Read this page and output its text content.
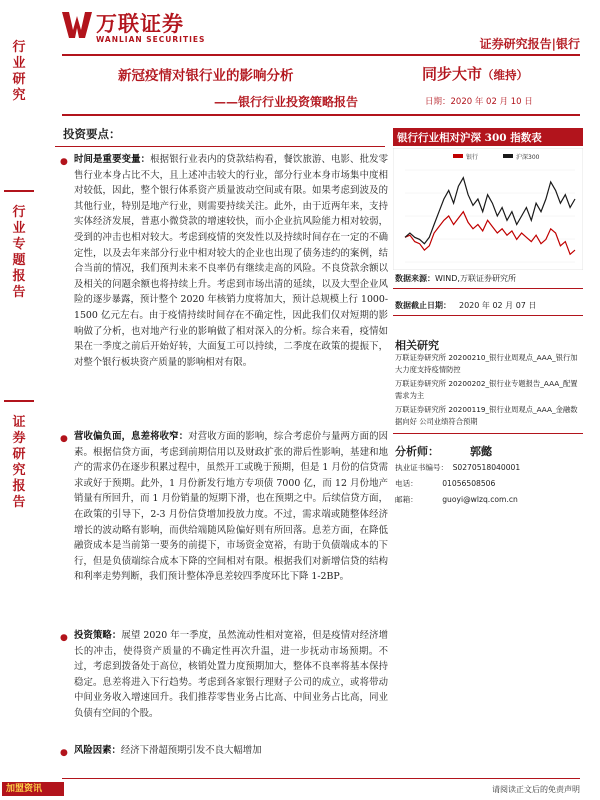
万联证券
WANLIAN SECURITIES	证券研究报告|银行
行业研究
行业专题报告
证券研究报告
新冠疫情对银行业的影响分析
——银行行业投资策略报告
同步大市（维持）
日期：2020 年 02 月 10 日
投资要点：
● 时间是重要变量：根据银行业表内的贷款结构看，餐饮旅游、电影、批发零售行业本身占比不大，且上述冲击较大的行业，部分行业本身市场集中度相对较低，因此，整个银行体系资产质量波动空间或有限。如果考虑到波及的其他行业，特别是地产行业，则需要持续关注。此外，由于近两年来，支持实体经济发展，普惠小微贷款的增速较快，而小企业抗风险能力相对较弱，受到的冲击也相对较大。考虑到疫情的突发性以及持续时间存在一定的不确定性，以及去年来部分行业中相对较大的企业也出现了债务违约的案例，结合当前的情况，我们预判未来不良率仍有继续走高的风险。不良贷款余额以及相关的问题余额也将持续上升。考虑到市场出清的延续，以及大型企业风险的逐步暴露，预计整个 2020 年核销力度将加大，预计总规模上行 1000-1500 亿元左右。由于疫情持续时间存在不确定性，因此我们仅对短期的影响做了分析，也对地产行业的影响做了相对深入的分析。综合来看，疫情如果在一季度之前后开始好转，大面复工可以持续，二季度在政策的提振下，对整个银行板块资产质量的影响相对有限。
● 营收偏负面，息差将收窄：对营收方面的影响，综合考虑价与量两方面的因素。根据信贷方面，考虑到前期信用以及财政扩张的滞后性影响，基建和地产的需求仍在逐步积累过程中，虽然开工或晚于预期，但是 1 月份的信贷需求或好于预期。此外，1 月份新发行地方专项债 7000 亿，而 12 月份地产销量有所回升，而 1 月份销量的短期下滑，也在预期之中。后续信贷方面，在政策的引导下，2-3 月份信贷增加投放力度。不过，需求端或随整体经济增长的波动略有影响，而供给端随风险偏好则有所回落。息差方面，在降低融资成本是当前第一要务的前提下，市场资金宽裕，有助于负债端成本的下行，但是负债端综合成本下降的空间相对有限。根据我们对新增信贷的结构和利率走势判断，我们预计整体净息差较四季度环比下降 1-2BP。
● 投资策略：展望 2020 年一季度，虽然流动性相对宽裕，但是疫情对经济增长的冲击，使得资产质量的不确定性再次升温，进一步抚动市场预期。不过，考虑到拨备处于高位，核销处置力度预期加大，整体不良率将基本保持稳定。息差将进入下行趋势。考虑到各家银行理财子公司的成立，或将带动中间业务收入增速回升。我们推荐零售业务占比高、中间业务占比高，同业负债有空间的个股。
● 风险因素：经济下滑超预期引发不良大幅增加
银行行业相对沪深 300 指数表
银行	沪深300
数据来源：WIND,万联证券研究所
数据截止日期： 2020 年 02 月 07 日
相关研究
万联证券研究所 20200210_银行业周观点_AAA_银行加大力度支持疫情防控
万联证券研究所 20200202_银行业专题报告_AAA_配置需求为主
万联证券研究所 20200119_银行业周观点_AAA_金融数据向好 公司业绩符合预期
分析师：	郭懿
执业证书编号： S0270518040001
电话：	01056508506
邮箱：	guoyi@wlzq.com.cn
加盟资讯	请阅读正文后的免责声明
